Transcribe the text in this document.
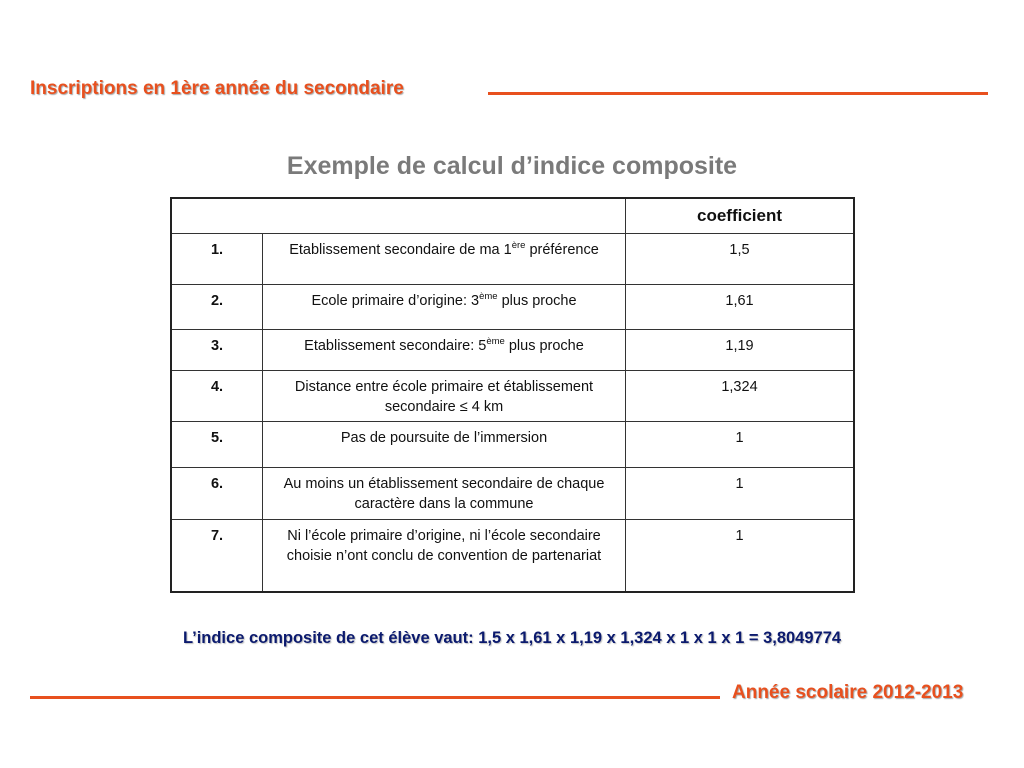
Inscriptions en 1ère année du secondaire
Exemple de calcul d’indice composite
		coefficient
1.	Etablissement secondaire de ma 1ère préférence	1,5
2.	Ecole primaire d’origine: 3ème plus proche	1,61
3.	Etablissement secondaire: 5ème plus proche	1,19
4.	Distance entre école primaire et établissement secondaire ≤ 4 km	1,324
5.	Pas de poursuite de l’immersion	1
6.	Au moins un établissement secondaire de chaque caractère dans la commune	1
7.	Ni l’école primaire d’origine, ni l’école secondaire choisie n’ont conclu de convention de partenariat	1
L’indice composite de cet élève vaut: 1,5 x 1,61 x 1,19 x 1,324 x 1 x 1 x 1 = 3,8049774
Année scolaire 2012-2013
